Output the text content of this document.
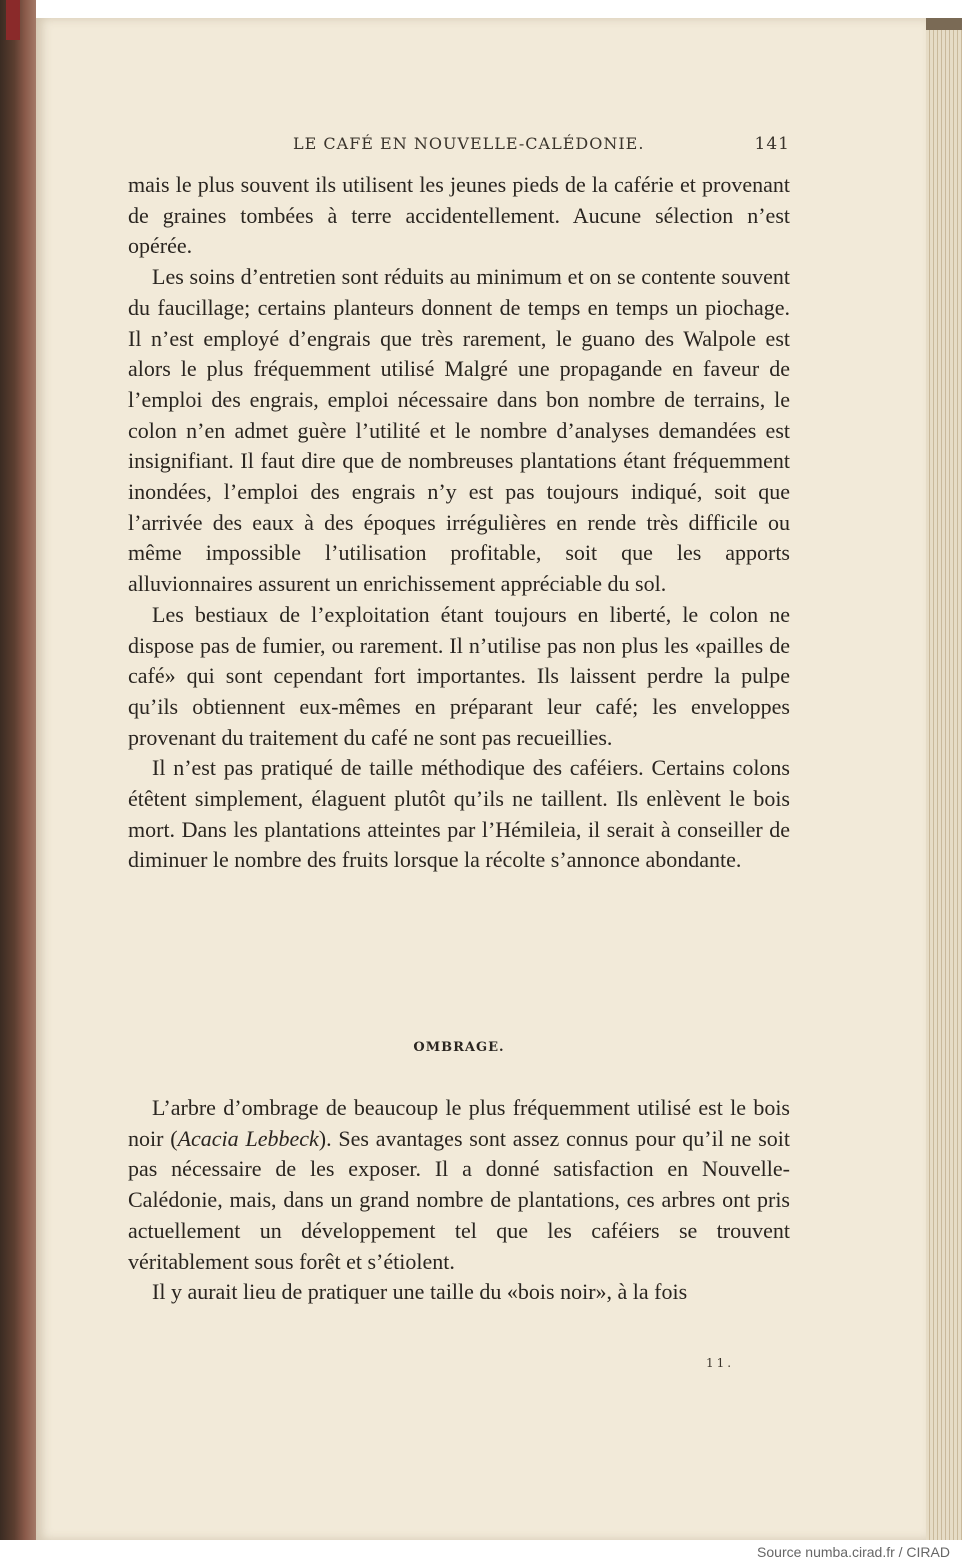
LE CAFÉ EN NOUVELLE-CALÉDONIE.	141

mais le plus souvent ils utilisent les jeunes pieds de la caférie et provenant de graines tombées à terre accidentellement. Aucune sélection n’est opérée.

Les soins d’entretien sont réduits au minimum et on se contente souvent du faucillage; certains planteurs donnent de temps en temps un piochage. Il n’est employé d’engrais que très rarement, le guano des Walpole est alors le plus fréquemment utilisé Malgré une propagande en faveur de l’emploi des engrais, emploi nécessaire dans bon nombre de terrains, le colon n’en admet guère l’utilité et le nombre d’analyses demandées est insignifiant. Il faut dire que de nombreuses plantations étant fréquemment inondées, l’emploi des engrais n’y est pas toujours indiqué, soit que l’arrivée des eaux à des époques irrégulières en rende très difficile ou même impossible l’utilisation profitable, soit que les apports alluvionnaires assurent un enrichissement appréciable du sol.

Les bestiaux de l’exploitation étant toujours en liberté, le colon ne dispose pas de fumier, ou rarement. Il n’utilise pas non plus les «pailles de café» qui sont cependant fort importantes. Ils laissent perdre la pulpe qu’ils obtiennent eux-mêmes en préparant leur café; les enveloppes provenant du traitement du café ne sont pas recueillies.

Il n’est pas pratiqué de taille méthodique des caféiers. Certains colons étêtent simplement, élaguent plutôt qu’ils ne taillent. Ils enlèvent le bois mort. Dans les plantations atteintes par l’Hémileia, il serait à conseiller de diminuer le nombre des fruits lorsque la récolte s’annonce abondante.

OMBRAGE.

L’arbre d’ombrage de beaucoup le plus fréquemment utilisé est le bois noir (Acacia Lebbeck). Ses avantages sont assez connus pour qu’il ne soit pas nécessaire de les exposer. Il a donné satisfaction en Nouvelle-Calédonie, mais, dans un grand nombre de plantations, ces arbres ont pris actuellement un développement tel que les caféiers se trouvent véritablement sous forêt et s’étiolent.

Il y aurait lieu de pratiquer une taille du «bois noir», à la fois

11.
Source numba.cirad.fr / CIRAD
